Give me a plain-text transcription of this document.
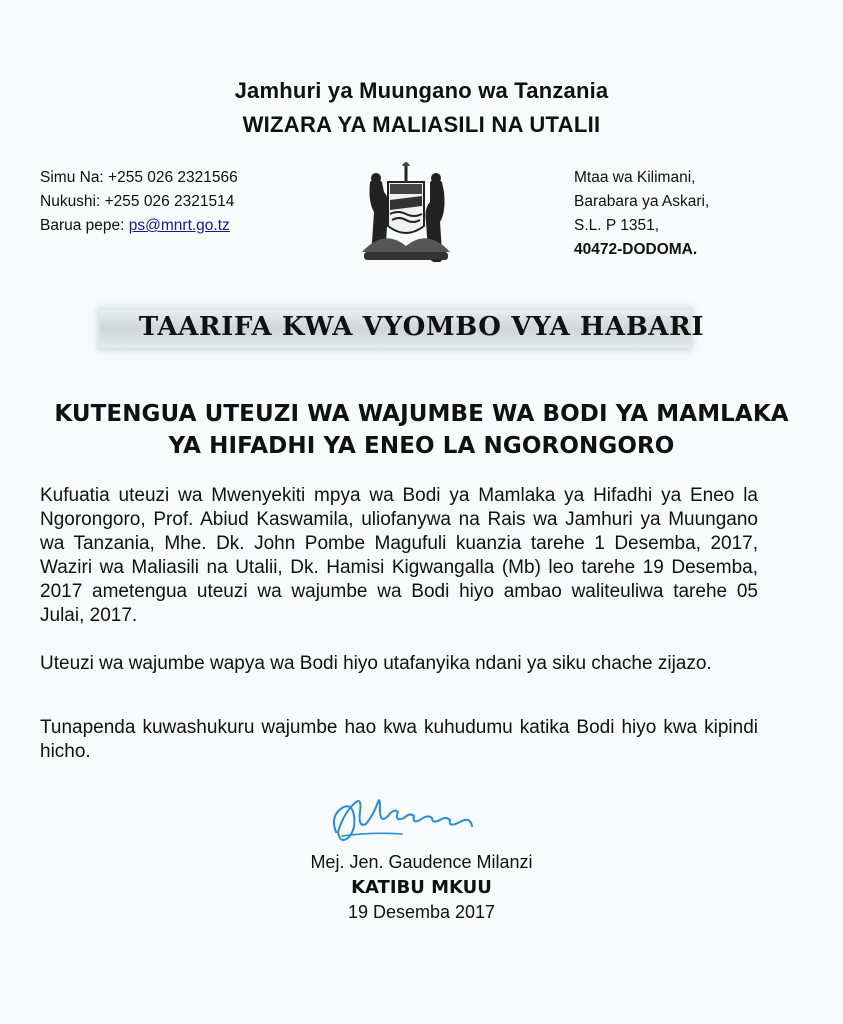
Jamhuri ya Muungano wa Tanzania
WIZARA YA MALIASILI NA UTALII
Simu Na: +255 026 2321566
Nukushi: +255 026 2321514
Barua pepe: ps@mnrt.go.tz
Mtaa wa Kilimani,
Barabara ya Askari,
S.L. P 1351,
40472-DODOMA.
TAARIFA KWA VYOMBO VYA HABARI
KUTENGUA UTEUZI WA WAJUMBE WA BODI YA MAMLAKA
YA HIFADHI YA ENEO LA NGORONGORO
Kufuatia uteuzi wa Mwenyekiti mpya wa Bodi ya Mamlaka ya Hifadhi ya Eneo la Ngorongoro, Prof. Abiud Kaswamila, uliofanywa na Rais wa Jamhuri ya Muungano wa Tanzania, Mhe. Dk. John Pombe Magufuli kuanzia tarehe 1 Desemba, 2017, Waziri wa Maliasili na Utalii, Dk. Hamisi Kigwangalla (Mb) leo tarehe 19 Desemba, 2017 ametengua uteuzi wa wajumbe wa Bodi hiyo ambao waliteuliwa tarehe 05 Julai, 2017.
Uteuzi wa wajumbe wapya wa Bodi hiyo utafanyika ndani ya siku chache zijazo.
Tunapenda kuwashukuru wajumbe hao kwa kuhudumu katika Bodi hiyo kwa kipindi hicho.
Mej. Jen. Gaudence Milanzi
KATIBU MKUU
19 Desemba 2017
